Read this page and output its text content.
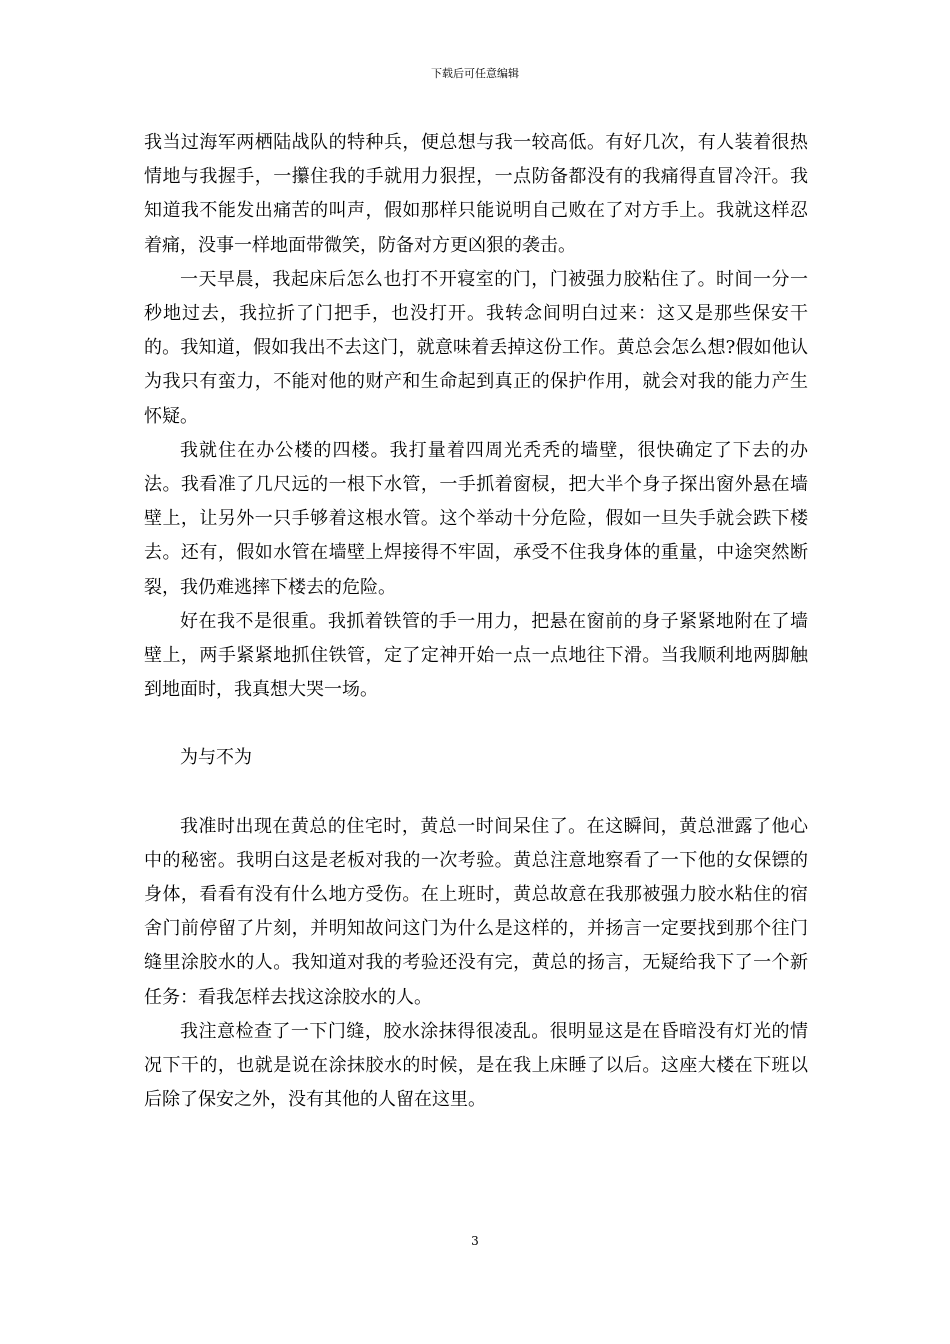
下载后可任意编辑

我当过海军两栖陆战队的特种兵，便总想与我一较高低。有好几次，有人装着很热情地与我握手，一攥住我的手就用力狠捏，一点防备都没有的我痛得直冒冷汗。我知道我不能发出痛苦的叫声，假如那样只能说明自己败在了对方手上。我就这样忍着痛，没事一样地面带微笑，防备对方更凶狠的袭击。

一天早晨，我起床后怎么也打不开寝室的门，门被强力胶粘住了。时间一分一秒地过去，我拉折了门把手，也没打开。我转念间明白过来：这又是那些保安干的。我知道，假如我出不去这门，就意味着丢掉这份工作。黄总会怎么想?假如他认为我只有蛮力，不能对他的财产和生命起到真正的保护作用，就会对我的能力产生怀疑。

我就住在办公楼的四楼。我打量着四周光秃秃的墙壁，很快确定了下去的办法。我看准了几尺远的一根下水管，一手抓着窗棂，把大半个身子探出窗外悬在墙壁上，让另外一只手够着这根水管。这个举动十分危险，假如一旦失手就会跌下楼去。还有，假如水管在墙壁上焊接得不牢固，承受不住我身体的重量，中途突然断裂，我仍难逃摔下楼去的危险。

好在我不是很重。我抓着铁管的手一用力，把悬在窗前的身子紧紧地附在了墙壁上，两手紧紧地抓住铁管，定了定神开始一点一点地往下滑。当我顺利地两脚触到地面时，我真想大哭一场。

为与不为

我准时出现在黄总的住宅时，黄总一时间呆住了。在这瞬间，黄总泄露了他心中的秘密。我明白这是老板对我的一次考验。黄总注意地察看了一下他的女保镖的身体，看看有没有什么地方受伤。在上班时，黄总故意在我那被强力胶水粘住的宿舍门前停留了片刻，并明知故问这门为什么是这样的，并扬言一定要找到那个往门缝里涂胶水的人。我知道对我的考验还没有完，黄总的扬言，无疑给我下了一个新任务：看我怎样去找这涂胶水的人。

我注意检查了一下门缝，胶水涂抹得很凌乱。很明显这是在昏暗没有灯光的情况下干的，也就是说在涂抹胶水的时候，是在我上床睡了以后。这座大楼在下班以后除了保安之外，没有其他的人留在这里。

3
